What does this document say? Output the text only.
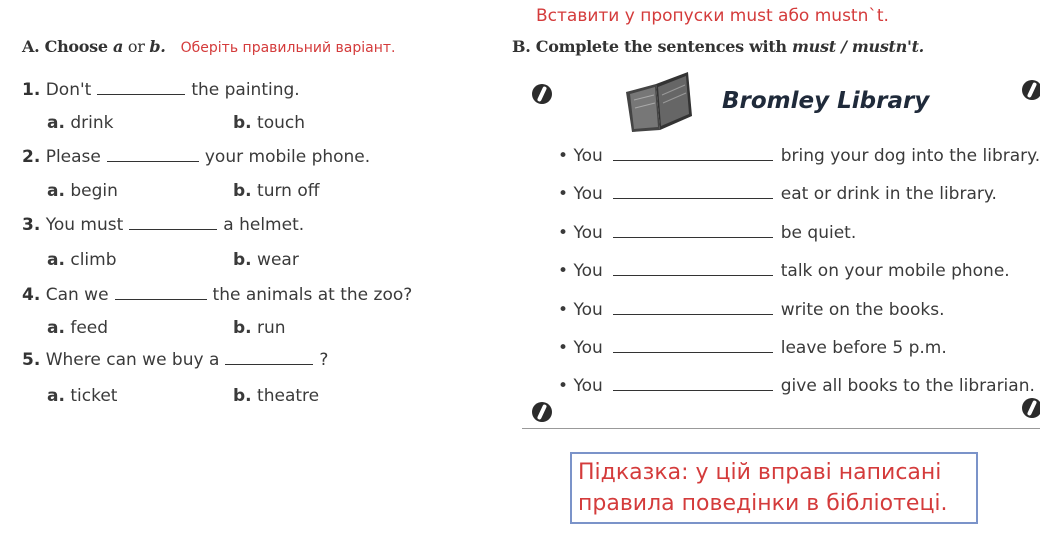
Вставити у пропуски must або mustn`t.
A. Choose a or b. Оберіть правильний варіант.
1. Don't	the painting.
a. drink	b. touch
2. Please	your mobile phone.
a. begin	b. turn off
3. You must	a helmet.
a. climb	b. wear
4. Can we	the animals at the zoo?
a. feed	b. run
5. Where can we buy a	?
a. ticket	b. theatre
B. Complete the sentences with must / mustn't.
Bromley Library
• You	bring your dog into the library.
• You	eat or drink in the library.
• You	be quiet.
• You	talk on your mobile phone.
• You	write on the books.
• You	leave before 5 p.m.
• You	give all books to the librarian.
Підказка: у цій вправі написані
правила поведінки в бібліотеці.
